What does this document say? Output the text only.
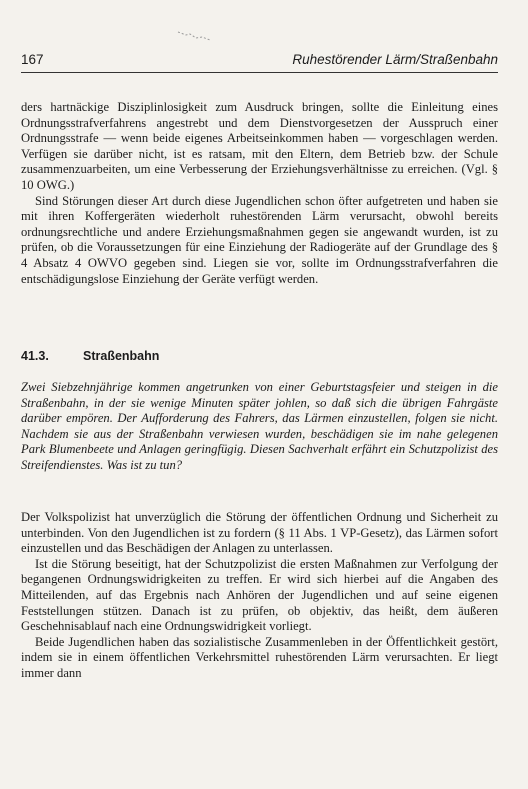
167	Ruhestörender Lärm/Straßenbahn

ders hartnäckige Disziplinlosigkeit zum Ausdruck bringen, sollte die Einleitung eines Ordnungsstrafverfahrens angestrebt und dem Dienstvorgesetzen der Ausspruch einer Ordnungsstrafe — wenn beide eigenes Arbeitseinkommen haben — vorgeschlagen werden. Verfügen sie darüber nicht, ist es ratsam, mit den Eltern, dem Betrieb bzw. der Schule zusammenzuarbeiten, um eine Verbesserung der Erziehungsverhältnisse zu erreichen. (Vgl. § 10 OWG.)

Sind Störungen dieser Art durch diese Jugendlichen schon öfter aufgetreten und haben sie mit ihren Koffergeräten wiederholt ruhestörenden Lärm verursacht, obwohl bereits ordnungsrechtliche und andere Erziehungsmaßnahmen gegen sie angewandt wurden, ist zu prüfen, ob die Voraussetzungen für eine Einziehung der Radiogeräte auf der Grundlage des § 4 Absatz 4 OWVO gegeben sind. Liegen sie vor, sollte im Ordnungsstrafverfahren die entschädigungslose Einziehung der Geräte verfügt werden.

41.3.	Straßenbahn

Zwei Siebzehnjährige kommen angetrunken von einer Geburtstagsfeier und steigen in die Straßenbahn, in der sie wenige Minuten später johlen, so daß sich die übrigen Fahrgäste darüber empören. Der Aufforderung des Fahrers, das Lärmen einzustellen, folgen sie nicht. Nachdem sie aus der Straßenbahn verwiesen wurden, beschädigen sie im nahe gelegenen Park Blumenbeete und Anlagen geringfügig. Diesen Sachverhalt erfährt ein Schutzpolizist des Streifendienstes. Was ist zu tun?

Der Volkspolizist hat unverzüglich die Störung der öffentlichen Ordnung und Sicherheit zu unterbinden. Von den Jugendlichen ist zu fordern (§ 11 Abs. 1 VP-Gesetz), das Lärmen sofort einzustellen und das Beschädigen der Anlagen zu unterlassen.

Ist die Störung beseitigt, hat der Schutzpolizist die ersten Maßnahmen zur Verfolgung der begangenen Ordnungswidrigkeiten zu treffen. Er wird sich hierbei auf die Angaben des Mitteilenden, auf das Ergebnis nach Anhören der Jugendlichen und auf seine eigenen Feststellungen stützen. Danach ist zu prüfen, ob objektiv, das heißt, dem äußeren Geschehnisablauf nach eine Ordnungswidrigkeit vorliegt.

Beide Jugendlichen haben das sozialistische Zusammenleben in der Öffentlichkeit gestört, indem sie in einem öffentlichen Verkehrsmittel ruhestörenden Lärm verursachten. Er liegt immer dann
